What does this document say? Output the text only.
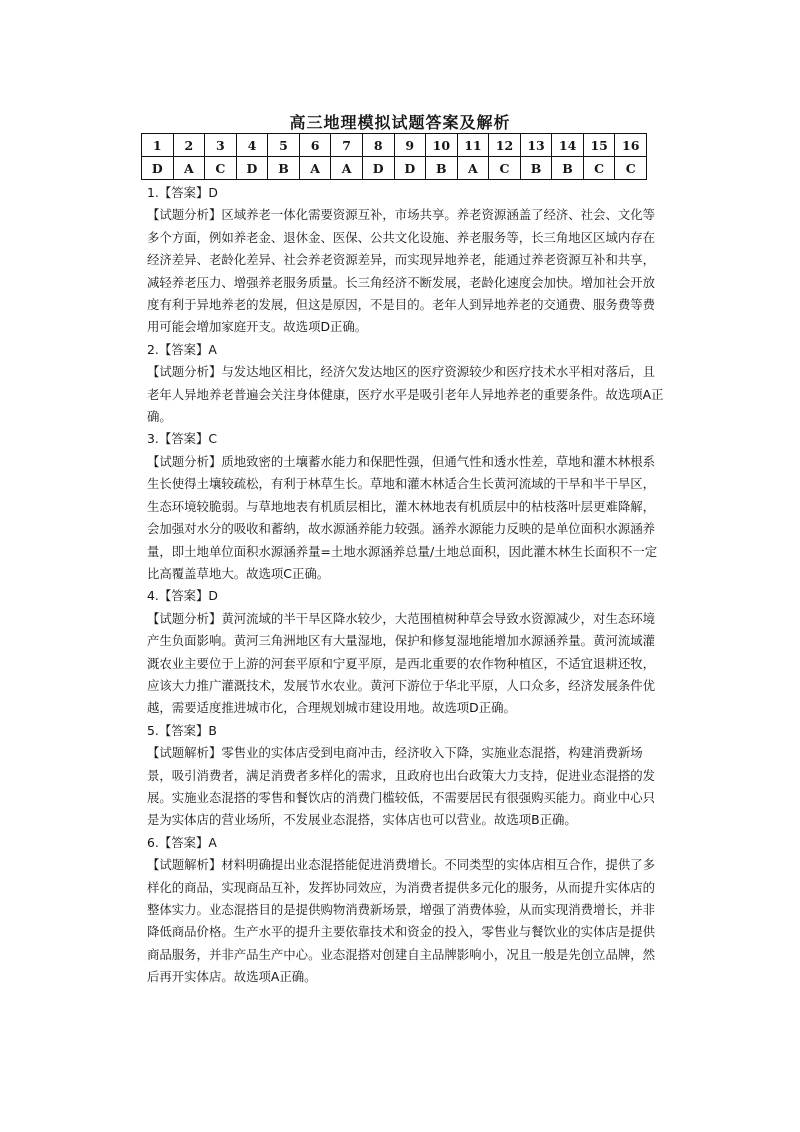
高三地理模拟试题答案及解析
1	2	3	4	5	6	7	8	9	10	11	12	13	14	15	16
D	A	C	D	B	A	A	D	D	B	A	C	B	B	C	C

1.【答案】D

【试题分析】区域养老一体化需要资源互补，市场共享。养老资源涵盖了经济、社会、文化等多个方面，例如养老金、退休金、医保、公共文化设施、养老服务等，长三角地区区域内存在经济差异、老龄化差异、社会养老资源差异，而实现异地养老，能通过养老资源互补和共享，减轻养老压力、增强养老服务质量。长三角经济不断发展，老龄化速度会加快。增加社会开放度有利于异地养老的发展，但这是原因，不是目的。老年人到异地养老的交通费、服务费等费用可能会增加家庭开支。故选项D正确。

2.【答案】A

【试题分析】与发达地区相比，经济欠发达地区的医疗资源较少和医疗技术水平相对落后，且老年人异地养老普遍会关注身体健康，医疗水平是吸引老年人异地养老的重要条件。故选项A正确。

3.【答案】C

【试题分析】质地致密的土壤蓄水能力和保肥性强，但通气性和透水性差，草地和灌木林根系生长使得土壤较疏松，有利于林草生长。草地和灌木林适合生长黄河流域的干旱和半干旱区，生态环境较脆弱。与草地地表有机质层相比，灌木林地表有机质层中的枯枝落叶层更难降解，会加强对水分的吸收和蓄纳，故水源涵养能力较强。涵养水源能力反映的是单位面积水源涵养量，即土地单位面积水源涵养量=土地水源涵养总量/土地总面积，因此灌木林生长面积不一定比高覆盖草地大。故选项C正确。

4.【答案】D

【试题分析】黄河流域的半干旱区降水较少，大范围植树种草会导致水资源减少，对生态环境产生负面影响。黄河三角洲地区有大量湿地，保护和修复湿地能增加水源涵养量。黄河流域灌溉农业主要位于上游的河套平原和宁夏平原，是西北重要的农作物种植区，不适宜退耕还牧，应该大力推广灌溉技术，发展节水农业。黄河下游位于华北平原，人口众多，经济发展条件优越，需要适度推进城市化，合理规划城市建设用地。故选项D正确。

5.【答案】B

【试题解析】零售业的实体店受到电商冲击，经济收入下降，实施业态混搭，构建消费新场景，吸引消费者，满足消费者多样化的需求，且政府也出台政策大力支持，促进业态混搭的发展。实施业态混搭的零售和餐饮店的消费门槛较低，不需要居民有很强购买能力。商业中心只是为实体店的营业场所，不发展业态混搭，实体店也可以营业。故选项B正确。

6.【答案】A

【试题解析】材料明确提出业态混搭能促进消费增长。不同类型的实体店相互合作，提供了多样化的商品，实现商品互补，发挥协同效应，为消费者提供多元化的服务，从而提升实体店的整体实力。业态混搭目的是提供购物消费新场景，增强了消费体验，从而实现消费增长，并非降低商品价格。生产水平的提升主要依靠技术和资金的投入，零售业与餐饮业的实体店是提供商品服务，并非产品生产中心。业态混搭对创建自主品牌影响小，况且一般是先创立品牌，然后再开实体店。故选项A正确。
